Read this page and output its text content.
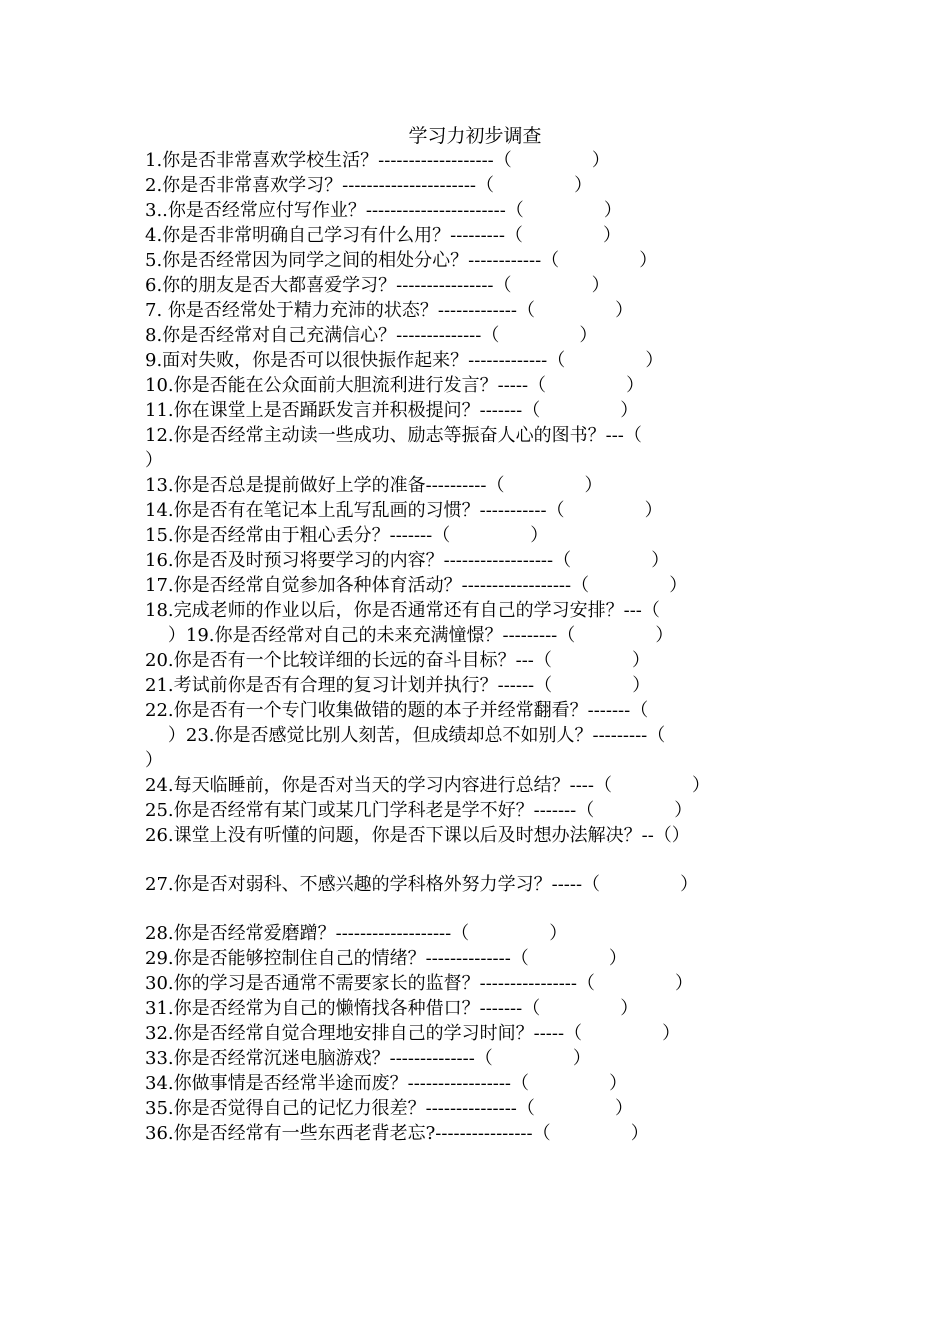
学习力初步调查
1.你是否非常喜欢学校生活？-------------------（              ）
2.你是否非常喜欢学习？----------------------（              ）
3..你是否经常应付写作业？-----------------------（              ）
4.你是否非常明确自己学习有什么用？---------（              ）
5.你是否经常因为同学之间的相处分心？------------（              ）
6.你的朋友是否大都喜爱学习？----------------（              ）
7. 你是否经常处于精力充沛的状态？-------------（              ）
8.你是否经常对自己充满信心？--------------（              ）
9.面对失败，你是否可以很快振作起来？-------------（              ）
10.你是否能在公众面前大胆流利进行发言？-----（              ）
11.你在课堂上是否踊跃发言并积极提问？-------（              ）
12.你是否经常主动读一些成功、励志等振奋人心的图书？---（
）
13.你是否总是提前做好上学的准备----------（              ）
14.你是否有在笔记本上乱写乱画的习惯？-----------（              ）
15.你是否经常由于粗心丢分？-------（              ）
16.你是否及时预习将要学习的内容？------------------（              ）
17.你是否经常自觉参加各种体育活动？------------------（              ）
18.完成老师的作业以后，你是否通常还有自己的学习安排？---（
）19.你是否经常对自己的未来充满憧憬？---------（              ）
20.你是否有一个比较详细的长远的奋斗目标？---（              ）
21.考试前你是否有合理的复习计划并执行？------（              ）
22.你是否有一个专门收集做错的题的本子并经常翻看？-------（
）23.你是否感觉比别人刻苦，但成绩却总不如别人？---------（
）
24.每天临睡前，你是否对当天的学习内容进行总结？----（              ）
25.你是否经常有某门或某几门学科老是学不好？-------（              ）
26.课堂上没有听懂的问题，你是否下课以后及时想办法解决？--（）
27.你是否对弱科、不感兴趣的学科格外努力学习？-----（              ）
28.你是否经常爱磨蹭？-------------------（              ）
29.你是否能够控制住自己的情绪？--------------（              ）
30.你的学习是否通常不需要家长的监督？----------------（              ）
31.你是否经常为自己的懒惰找各种借口？-------（              ）
32.你是否经常自觉合理地安排自己的学习时间？-----（              ）
33.你是否经常沉迷电脑游戏？--------------（              ）
34.你做事情是否经常半途而废？-----------------（              ）
35.你是否觉得自己的记忆力很差？---------------（              ）
36.你是否经常有一些东西老背老忘?----------------（              ）
